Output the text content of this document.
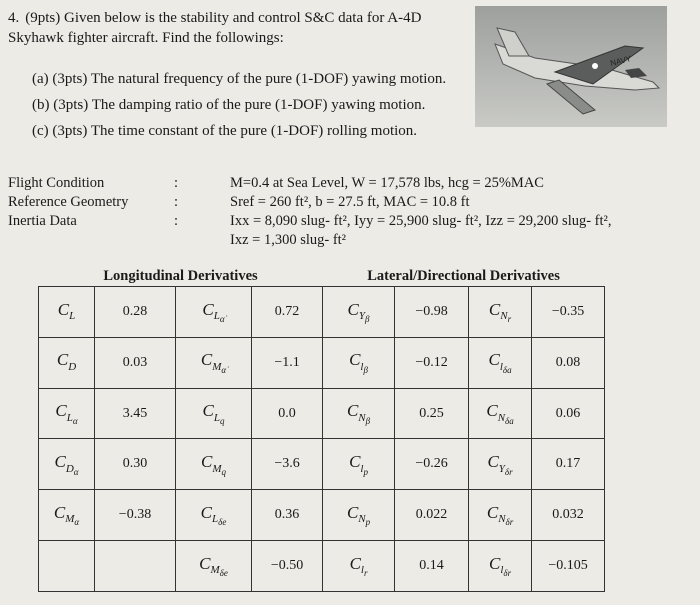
4. (9pts) Given below is the stability and control S&C data for A-4D Skyhawk fighter aircraft. Find the followings:
(a) (3pts) The natural frequency of the pure (1-DOF) yawing motion.
(b) (3pts) The damping ratio of the pure (1-DOF) yawing motion.
(c) (3pts) The time constant of the pure (1-DOF) rolling motion.
NAVY
Flight Condition	:	M=0.4 at Sea Level, W = 17,578 lbs, hcg = 25%MAC
Reference Geometry	:	Sref = 260 ft², b = 27.5 ft, MAC = 10.8 ft
Inertia Data	:	Ixx = 8,090 slug- ft², Iyy = 25,900 slug- ft², Izz = 29,200 slug- ft²,
Ixz = 1,300 slug- ft²
Longitudinal Derivatives				Lateral/Directional Derivatives			
$C_L$	0.28	$C_{L_{\alphȧ}}$	0.72	$C_{Y_\beta}$	−0.98	$C_{N_r}$	−0.35
$C_D$	0.03	$C_{M_{\alphȧ}}$	−1.1	$C_{l_\beta}$	−0.12	$C_{l_{\delta a}}$	0.08
$C_{L_\alpha}$	3.45	$C_{L_q}$	0.0	$C_{N_\beta}$	0.25	$C_{N_{\delta a}}$	0.06
$C_{D_\alpha}$	0.30	$C_{M_q}$	−3.6	$C_{l_p}$	−0.26	$C_{Y_{\delta r}}$	0.17
$C_{M_\alpha}$	−0.38	$C_{L_{\delta e}}$	0.36	$C_{N_p}$	0.022	$C_{N_{\delta r}}$	0.032
		$C_{M_{\delta e}}$	−0.50	$C_{l_r}$	0.14	$C_{l_{\delta r}}$	−0.105
